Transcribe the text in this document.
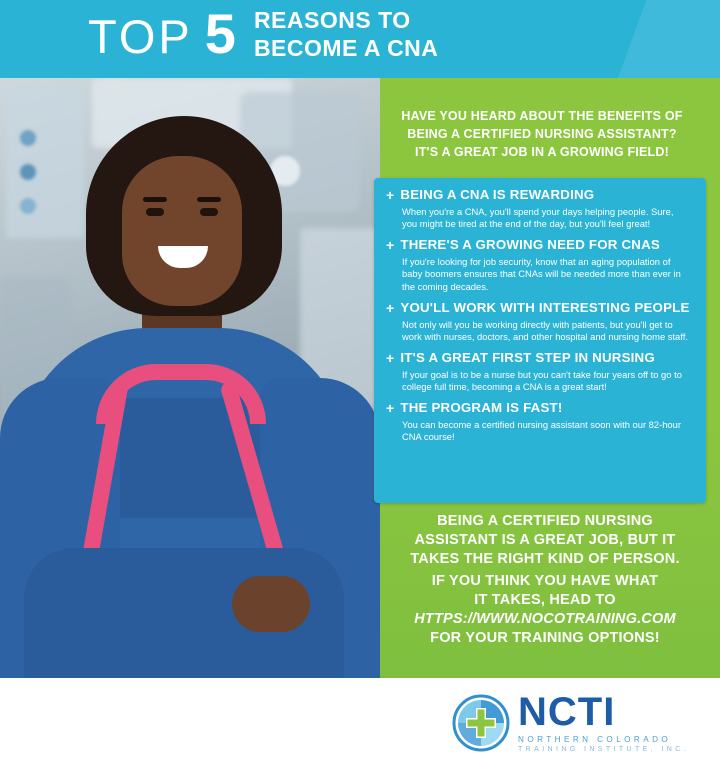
TOP 5 REASONS TO
BECOME A CNA
HAVE YOU HEARD ABOUT THE BENEFITS OF
BEING A CERTIFIED NURSING ASSISTANT?
IT'S A GREAT JOB IN A GROWING FIELD!
+ BEING A CNA IS REWARDING
When you're a CNA, you'll spend your days helping people. Sure, you might be tired at the end of the day, but you'll feel great!
+ THERE'S A GROWING NEED FOR CNAS
If you're looking for job security, know that an aging population of baby boomers ensures that CNAs will be needed more than ever in the coming decades.
+ YOU'LL WORK WITH INTERESTING PEOPLE
Not only will you be working directly with patients, but you'll get to work with nurses, doctors, and other hospital and nursing home staff.
+ IT'S A GREAT FIRST STEP IN NURSING
If your goal is to be a nurse but you can't take four years off to go to college full time, becoming a CNA is a great start!
+ THE PROGRAM IS FAST!
You can become a certified nursing assistant soon with our 82-hour CNA course!
BEING A CERTIFIED NURSING
ASSISTANT IS A GREAT JOB, BUT IT
TAKES THE RIGHT KIND OF PERSON.
IF YOU THINK YOU HAVE WHAT
IT TAKES, HEAD TO
HTTPS://WWW.NOCOTRAINING.COM
FOR YOUR TRAINING OPTIONS!
NCTI
NORTHERN COLORADO
TRAINING INSTITUTE, INC.
